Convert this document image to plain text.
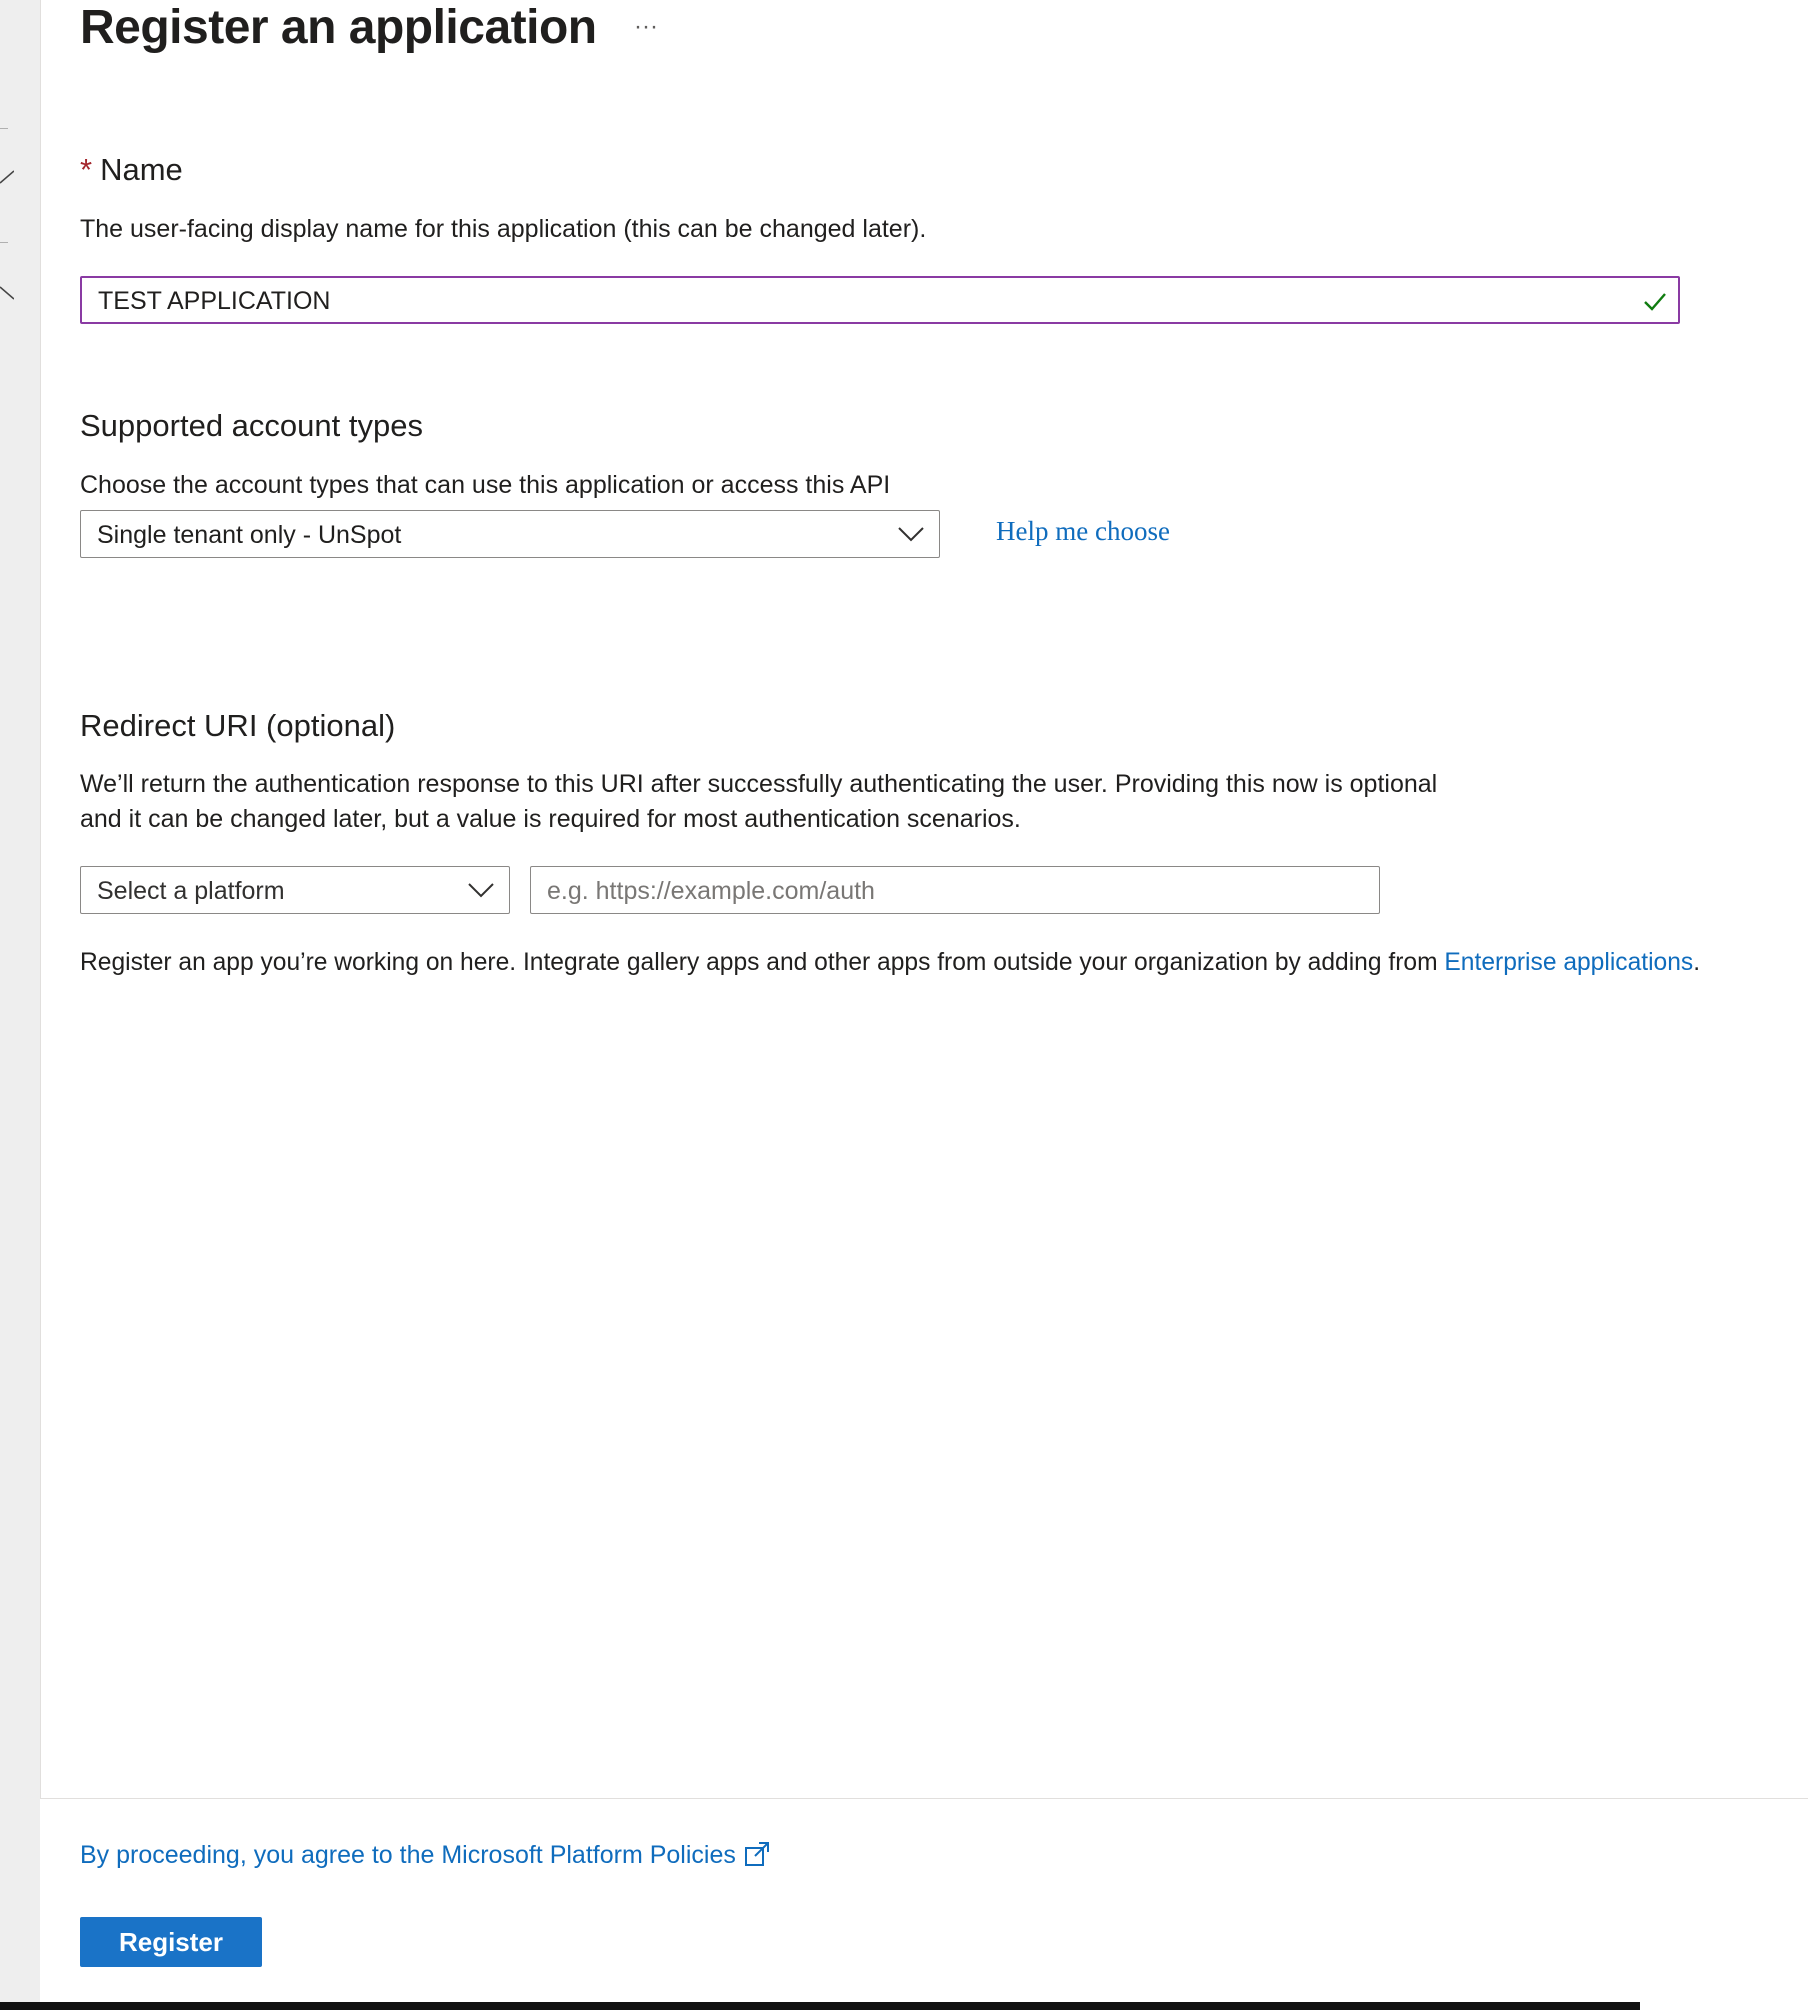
Register an application	···
* Name
The user-facing display name for this application (this can be changed later).
TEST APPLICATION
Supported account types
Choose the account types that can use this application or access this API
Single tenant only - UnSpot	Help me choose
Redirect URI (optional)
We’ll return the authentication response to this URI after successfully authenticating the user. Providing this now is optional and it can be changed later, but a value is required for most authentication scenarios.
Select a platform	e.g. https://example.com/auth
Register an app you’re working on here. Integrate gallery apps and other apps from outside your organization by adding from Enterprise applications.
By proceeding, you agree to the Microsoft Platform Policies
Register
